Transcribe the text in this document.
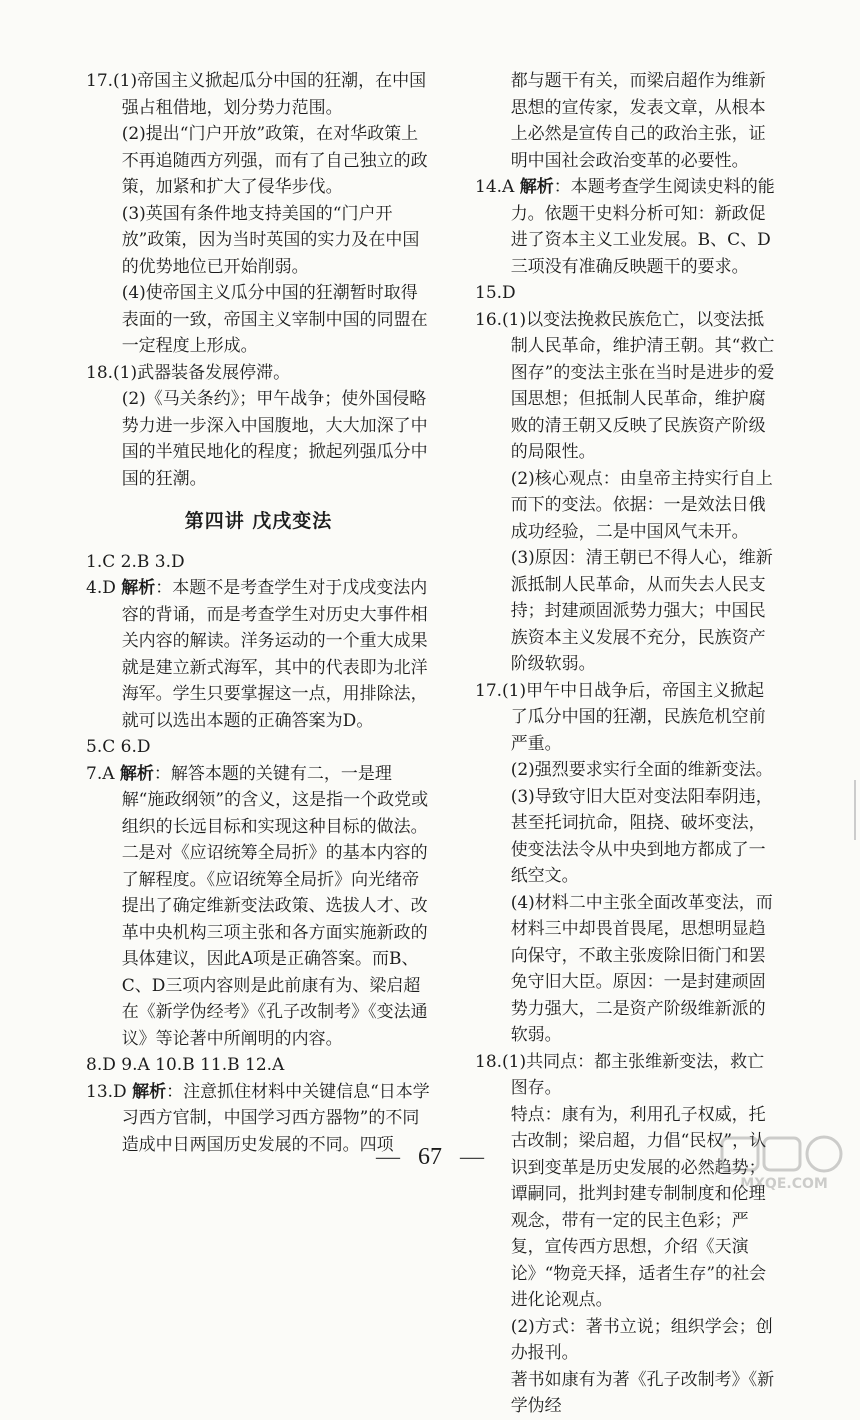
17.(1)帝国主义掀起瓜分中国的狂潮，在中国强占租借地，划分势力范围。

(2)提出“门户开放”政策，在对华政策上不再追随西方列强，而有了自己独立的政策，加紧和扩大了侵华步伐。

(3)英国有条件地支持美国的“门户开放”政策，因为当时英国的实力及在中国的优势地位已开始削弱。

(4)使帝国主义瓜分中国的狂潮暂时取得表面的一致，帝国主义宰制中国的同盟在一定程度上形成。

18.(1)武器装备发展停滞。

(2)《马关条约》；甲午战争；使外国侵略势力进一步深入中国腹地，大大加深了中国的半殖民地化的程度；掀起列强瓜分中国的狂潮。

第四讲 戊戌变法

1.C 2.B 3.D

4.D 解析：本题不是考查学生对于戊戌变法内容的背诵，而是考查学生对历史大事件相关内容的解读。洋务运动的一个重大成果就是建立新式海军，其中的代表即为北洋海军。学生只要掌握这一点，用排除法，就可以选出本题的正确答案为D。

5.C 6.D

7.A 解析：解答本题的关键有二，一是理解“施政纲领”的含义，这是指一个政党或组织的长远目标和实现这种目标的做法。二是对《应诏统筹全局折》的基本内容的了解程度。《应诏统筹全局折》向光绪帝提出了确定维新变法政策、选拔人才、改革中央机构三项主张和各方面实施新政的具体建议，因此A项是正确答案。而B、C、D三项内容则是此前康有为、梁启超在《新学伪经考》《孔子改制考》《变法通议》等论著中所阐明的内容。

8.D 9.A 10.B 11.B 12.A

13.D 解析：注意抓住材料中关键信息“日本学习西方官制，中国学习西方器物”的不同造成中日两国历史发展的不同。四项

都与题干有关，而梁启超作为维新思想的宣传家，发表文章，从根本上必然是宣传自己的政治主张，证明中国社会政治变革的必要性。

14.A 解析：本题考查学生阅读史料的能力。依题干史料分析可知：新政促进了资本主义工业发展。B、C、D三项没有准确反映题干的要求。

15.D

16.(1)以变法挽救民族危亡，以变法抵制人民革命，维护清王朝。其“救亡图存”的变法主张在当时是进步的爱国思想；但抵制人民革命，维护腐败的清王朝又反映了民族资产阶级的局限性。

(2)核心观点：由皇帝主持实行自上而下的变法。依据：一是效法日俄成功经验，二是中国风气未开。

(3)原因：清王朝已不得人心，维新派抵制人民革命，从而失去人民支持；封建顽固派势力强大；中国民族资本主义发展不充分，民族资产阶级软弱。

17.(1)甲午中日战争后，帝国主义掀起了瓜分中国的狂潮，民族危机空前严重。

(2)强烈要求实行全面的维新变法。

(3)导致守旧大臣对变法阳奉阴违，甚至托词抗命，阻挠、破坏变法，使变法法令从中央到地方都成了一纸空文。

(4)材料二中主张全面改革变法，而材料三中却畏首畏尾，思想明显趋向保守，不敢主张废除旧衙门和罢免守旧大臣。原因：一是封建顽固势力强大，二是资产阶级维新派的软弱。

18.(1)共同点：都主张维新变法，救亡图存。

特点：康有为，利用孔子权威，托古改制；梁启超，力倡“民权”，认识到变革是历史发展的必然趋势；谭嗣同，批判封建专制制度和伦理观念，带有一定的民主色彩；严复，宣传西方思想，介绍《天演论》“物竞天择，适者生存”的社会进化论观点。

(2)方式：著书立说；组织学会；创办报刊。

著书如康有为著《孔子改制考》《新学伪经

— 67 —
MXQE.COM
